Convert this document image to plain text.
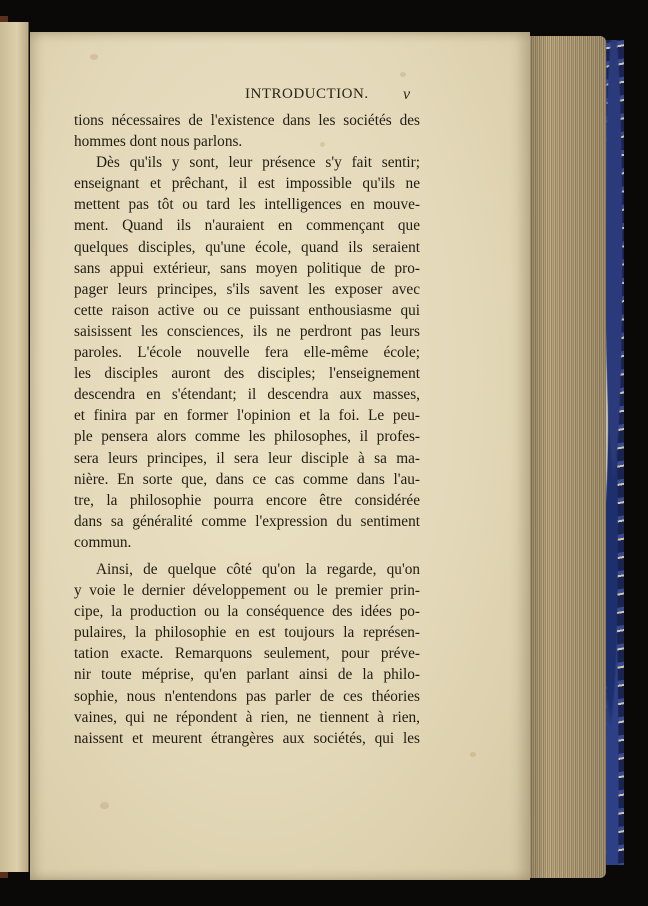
INTRODUCTION. v
tions nécessaires de l'existence dans les sociétés des
hommes dont nous parlons.
Dès qu'ils y sont, leur présence s'y fait sentir;
enseignant et prêchant, il est impossible qu'ils ne
mettent pas tôt ou tard les intelligences en mouve-
ment. Quand ils n'auraient en commençant que
quelques disciples, qu'une école, quand ils seraient
sans appui extérieur, sans moyen politique de pro-
pager leurs principes, s'ils savent les exposer avec
cette raison active ou ce puissant enthousiasme qui
saisissent les consciences, ils ne perdront pas leurs
paroles. L'école nouvelle fera elle-même école;
les disciples auront des disciples; l'enseignement
descendra en s'étendant; il descendra aux masses,
et finira par en former l'opinion et la foi. Le peu-
ple pensera alors comme les philosophes, il profes-
sera leurs principes, il sera leur disciple à sa ma-
nière. En sorte que, dans ce cas comme dans l'au-
tre, la philosophie pourra encore être considérée
dans sa généralité comme l'expression du sentiment
commun.
Ainsi, de quelque côté qu'on la regarde, qu'on
y voie le dernier développement ou le premier prin-
cipe, la production ou la conséquence des idées po-
pulaires, la philosophie en est toujours la représen-
tation exacte. Remarquons seulement, pour préve-
nir toute méprise, qu'en parlant ainsi de la philo-
sophie, nous n'entendons pas parler de ces théories
vaines, qui ne répondent à rien, ne tiennent à rien,
naissent et meurent étrangères aux sociétés, qui les
